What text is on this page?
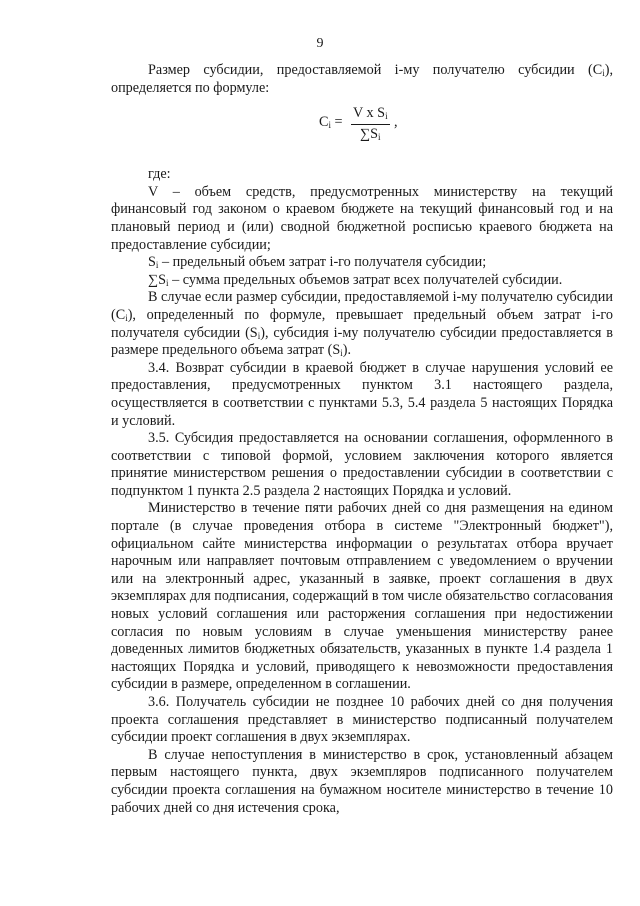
9

Размер субсидии, предоставляемой i-му получателю субсидии $(C_i)$, определяется по формуле:

$C_i = \frac{V x S_i}{\sum S_i}$ ,

где:

V – объем средств, предусмотренных министерству на текущий финансовый год законом о краевом бюджете на текущий финансовый год и на плановый период и (или) сводной бюджетной росписью краевого бюджета на предоставление субсидии;

$S_i$ – предельный объем затрат i-го получателя субсидии;

$\sum S_i$ – сумма предельных объемов затрат всех получателей субсидии.

В случае если размер субсидии, предоставляемой i-му получателю субсидии $(C_i)$, определенный по формуле, превышает предельный объем затрат i-го получателя субсидии $(S_i)$, субсидия i-му получателю субсидии предоставляется в размере предельного объема затрат $(S_i)$.

3.4. Возврат субсидии в краевой бюджет в случае нарушения условий ее предоставления, предусмотренных пунктом 3.1 настоящего раздела, осуществляется в соответствии с пунктами 5.3, 5.4 раздела 5 настоящих Порядка и условий.

3.5. Субсидия предоставляется на основании соглашения, оформленного в соответствии с типовой формой, условием заключения которого является принятие министерством решения о предоставлении субсидии в соответствии с подпунктом 1 пункта 2.5 раздела 2 настоящих Порядка и условий.

Министерство в течение пяти рабочих дней со дня размещения на едином портале (в случае проведения отбора в системе "Электронный бюджет"), официальном сайте министерства информации о результатах отбора вручает нарочным или направляет почтовым отправлением с уведомлением о вручении или на электронный адрес, указанный в заявке, проект соглашения в двух экземплярах для подписания, содержащий в том числе обязательство согласования новых условий соглашения или расторжения соглашения при недостижении согласия по новым условиям в случае уменьшения министерству ранее доведенных лимитов бюджетных обязательств, указанных в пункте 1.4 раздела 1 настоящих Порядка и условий, приводящего к невозможности предоставления субсидии в размере, определенном в соглашении.

3.6. Получатель субсидии не позднее 10 рабочих дней со дня получения проекта соглашения представляет в министерство подписанный получателем субсидии проект соглашения в двух экземплярах.

В случае непоступления в министерство в срок, установленный абзацем первым настоящего пункта, двух экземпляров подписанного получателем субсидии проекта соглашения на бумажном носителе министерство в течение 10 рабочих дней со дня истечения срока,
